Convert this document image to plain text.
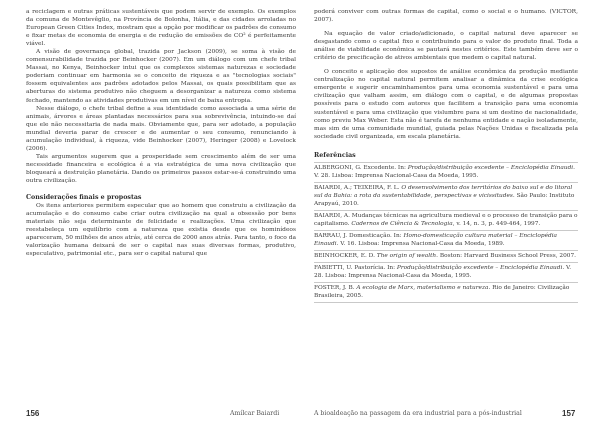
a reciclagem e outras práticas sustentáveis que podem servir de exemplo. Os exemplos da comuna de Montevêglio, na Província de Bolonha, Itália, e das cidades arroladas no European Green Cities Index, mostram que a opção por modificar os padrões de consumo e fixar metas de economia de energia e de redução de emissões de CO² é perfeitamente viável.

A visão de governança global, trazida por Jackson (2009), se soma à visão de comensurabilidade trazida por Beinhocker (2007). Em um diálogo com um chefe tribal Massai, no Kenya, Beinhocker intui que os complexos sistemas naturezas e sociedade poderiam continuar em harmonia se o conceito de riqueza e as "tecnologias sociais" fossem equivalentes aos padrões adotados pelos Massai, os quais possibilitam que as aberturas do sistema produtivo não cheguem a desorganizar a natureza como sistema fechado, mantendo as atividades produtivas em um nível de baixa entropia.

Nesse diálogo, o chefe tribal define a sua identidade como associada a uma série de animais, árvores e áreas plantadas necessários para sua sobrevivência, intuindo-se daí que ele não necessitaria de nada mais. Obviamente que, para ser adotado, a população mundial deveria parar de crescer e de aumentar o seu consumo, renunciando à acumulação individual, à riqueza, vide Beinhocker (2007), Heringer (2008) e Lovelock (2006).

Tais argumentos sugerem que a prosperidade sem crescimento além de ser uma necessidade financeira e ecológica é a via estratégica de uma nova civilização que bloqueará a destruição planetária. Dando os primeiros passos estar-se-á construindo uma outra civilização.

Considerações finais e propostas

Os itens anteriores permitem especular que ao homem que construiu a civilização da acumulação e do consumo cabe criar outra civilização na qual a obsessão por bens materiais não seja determinante de felicidade e realizações. Uma civilização que reestabeleça um equilíbrio com a natureza que existia desde que os hominídeos apareceram, 50 milhões de anos atrás, até cerca de 2000 anos atrás. Para tanto, o foco da valorização humana deixará de ser o capital nas suas diversas formas, produtivo, especulativo, patrimonial etc., para ser o capital natural que

poderá conviver com outras formas de capital, como o social e o humano. (VICTOR, 2007).

Na equação de valor criado/adicionado, o capital natural deve aparecer se desgastando como o capital fixo e contribuindo para o valor do produto final. Toda a análise de viabilidade econômica se pautará nestes critérios. Este também deve ser o critério de precificação de ativos ambientais que medem o capital natural.

O conceito e aplicação dos supostos de análise econômica da produção mediante centralização no capital natural permitem analisar a dinâmica da crise ecológica emergente e sugerir encaminhamentos para uma economia sustentável e para uma civilização que valham assim, em diálogo com o capital, e de algumas propostas possíveis para o estudo com autores que facilitem a transição para uma economia sustentável e para uma civilização que vislumbre para si um destino de nacionalidade, como previu Max Weber. Esta não é tarefa de nenhuma entidade e nação isoladamente, mas sim de uma comunidade mundial, guiada pelas Nações Unidas e fiscalizada pela sociedade civil organizada, em escala planetária.

Referências

ALBERGONI, G. Excedente. In: Produção/distribuição excedente – Enciclopédia Einaudi. V. 28. Lisboa: Imprensa Nacional-Casa da Moeda, 1995.

BAIARDI, A.; TEIXEIRA, F. L. O desenvolvimento dos territórios do baixo sul e do litoral sul da Bahia: a rota da sustentabilidade, perspectivas e vicissitudes. São Paulo: Instituto Arapyaú, 2010.

BAIARDI, A. Mudanças técnicas na agricultura medieval e o processo de transição para o capitalismo. Cadernos de Ciência & Tecnologia, v. 14, n. 3, p. 449-464, 1997.

BARRAU, J. Domesticação. In: Homo-domesticação cultura material – Enciclopédia Einaudi. V. 16. Lisboa: Imprensa Nacional-Casa da Moeda, 1989.

BEINHOCKER, E. D. The origin of wealth. Boston: Harvard Business School Press, 2007.

FABIETTI, U. Pastorícia. In: Produção/distribuição excedente – Enciclopédia Einaudi. V. 28. Lisboa: Imprensa Nacional-Casa da Moeda, 1995.

FOSTER, J. B. A ecologia de Marx, materialismo e natureza. Rio de Janeiro: Civilização Brasileira, 2005.

156	Amílcar Baiardi	A bioaldeação na passagem da era industrial para a pós-industrial	157
